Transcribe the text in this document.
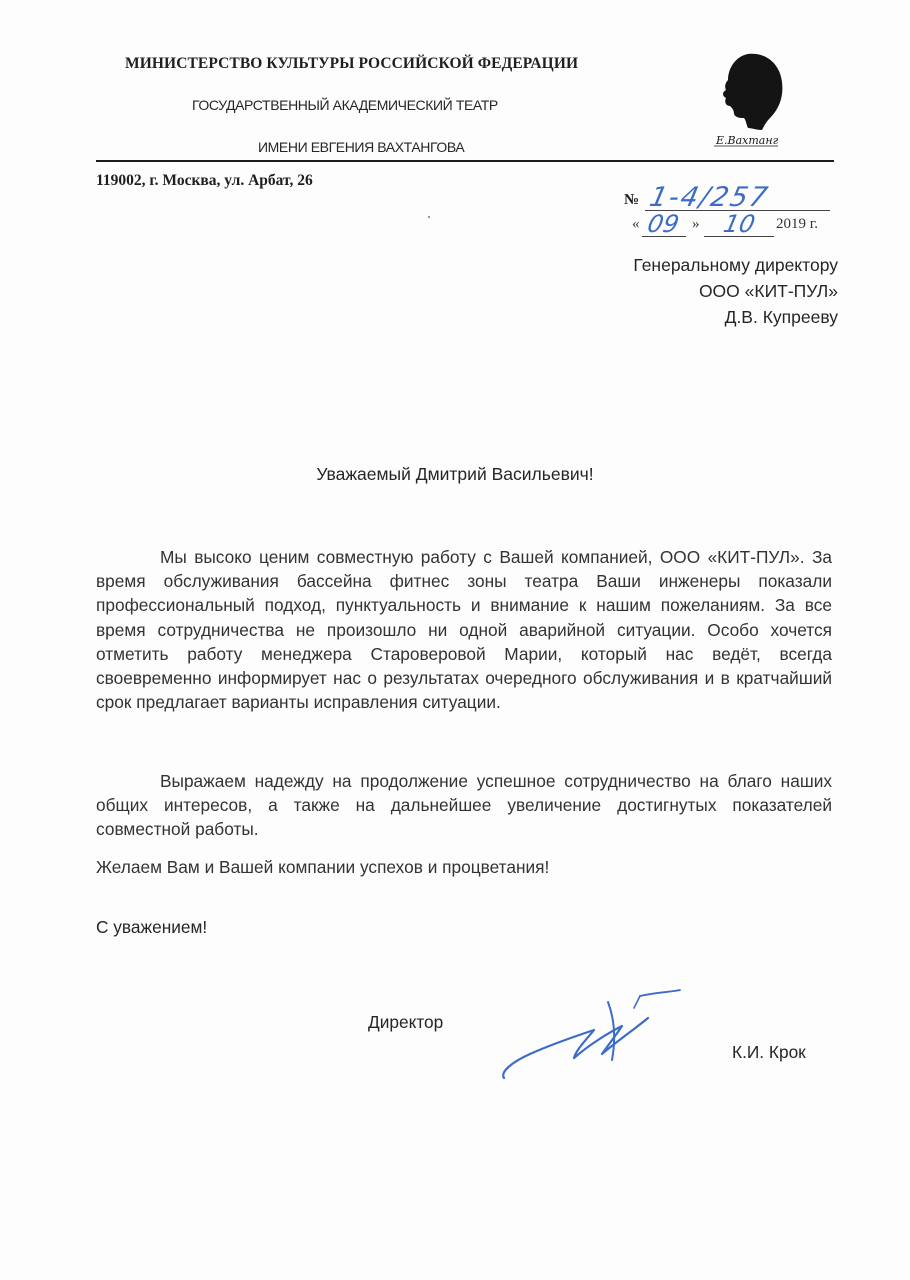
МИНИСТЕРСТВО КУЛЬТУРЫ РОССИЙСКОЙ ФЕДЕРАЦИИ
ГОСУДАРСТВЕННЫЙ АКАДЕМИЧЕСКИЙ ТЕАТР
ИМЕНИ ЕВГЕНИЯ ВАХТАНГОВА	Е.Вахтанг
119002, г. Москва, ул. Арбат, 26
№ 1-4/257
« 09 » 10 2019 г.
Генеральному директору
ООО «КИТ-ПУЛ»
Д.В. Купрееву
Уважаемый Дмитрий Васильевич!
Мы высоко ценим совместную работу с Вашей компанией, ООО «КИТ-ПУЛ». За время обслуживания бассейна фитнес зоны театра Ваши инженеры показали профессиональный подход, пунктуальность и внимание к нашим пожеланиям. За все время сотрудничества не произошло ни одной аварийной ситуации. Особо хочется отметить работу менеджера Староверовой Марии, который нас ведёт, всегда своевременно информирует нас о результатах очередного обслуживания и в кратчайший срок предлагает варианты исправления ситуации.
Выражаем надежду на продолжение успешное сотрудничество на благо наших общих интересов, а также на дальнейшее увеличение достигнутых показателей совместной работы.
Желаем Вам и Вашей компании успехов и процветания!
С уважением!
Директор
К.И. Крок
